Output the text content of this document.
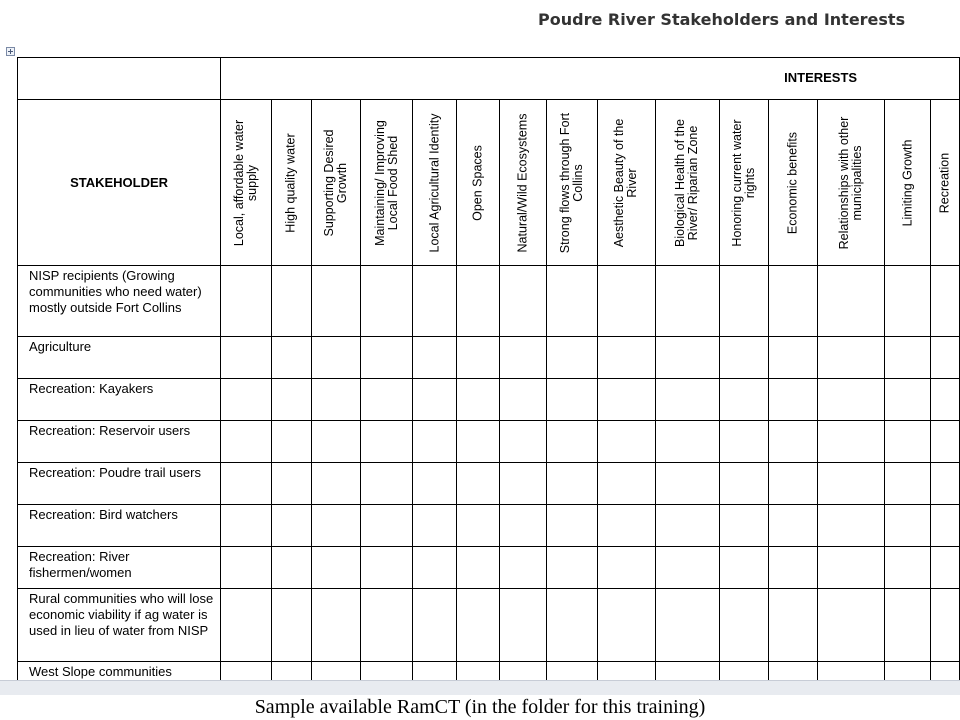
Poudre River Stakeholders and Interests

	INTERESTS														

STAKEHOLDER	Local, affordable water supply	High quality water	Supporting Desired Growth	Maintaining/ Improving Local Food Shed	Local Agricultural Identity	Open Spaces	Natural/Wild Ecosystems	Strong flows through Fort Collins	Aesthetic Beauty of the River	Biological Health of the River/ Riparian Zone	Honoring current water rights	Economic benefits	Relationships with other municipalities	Limiting Growth	Recreation

NISP recipients (Growing communities who need water) mostly outside Fort Collins															
Agriculture															
Recreation: Kayakers															
Recreation: Reservoir users															
Recreation: Poudre trail users															
Recreation: Bird watchers															
Recreation: River fishermen/women															
Rural communities who will lose economic viability if ag water is used in lieu of water from NISP															
West Slope communities															
Sample available RamCT (in the folder for this training)
